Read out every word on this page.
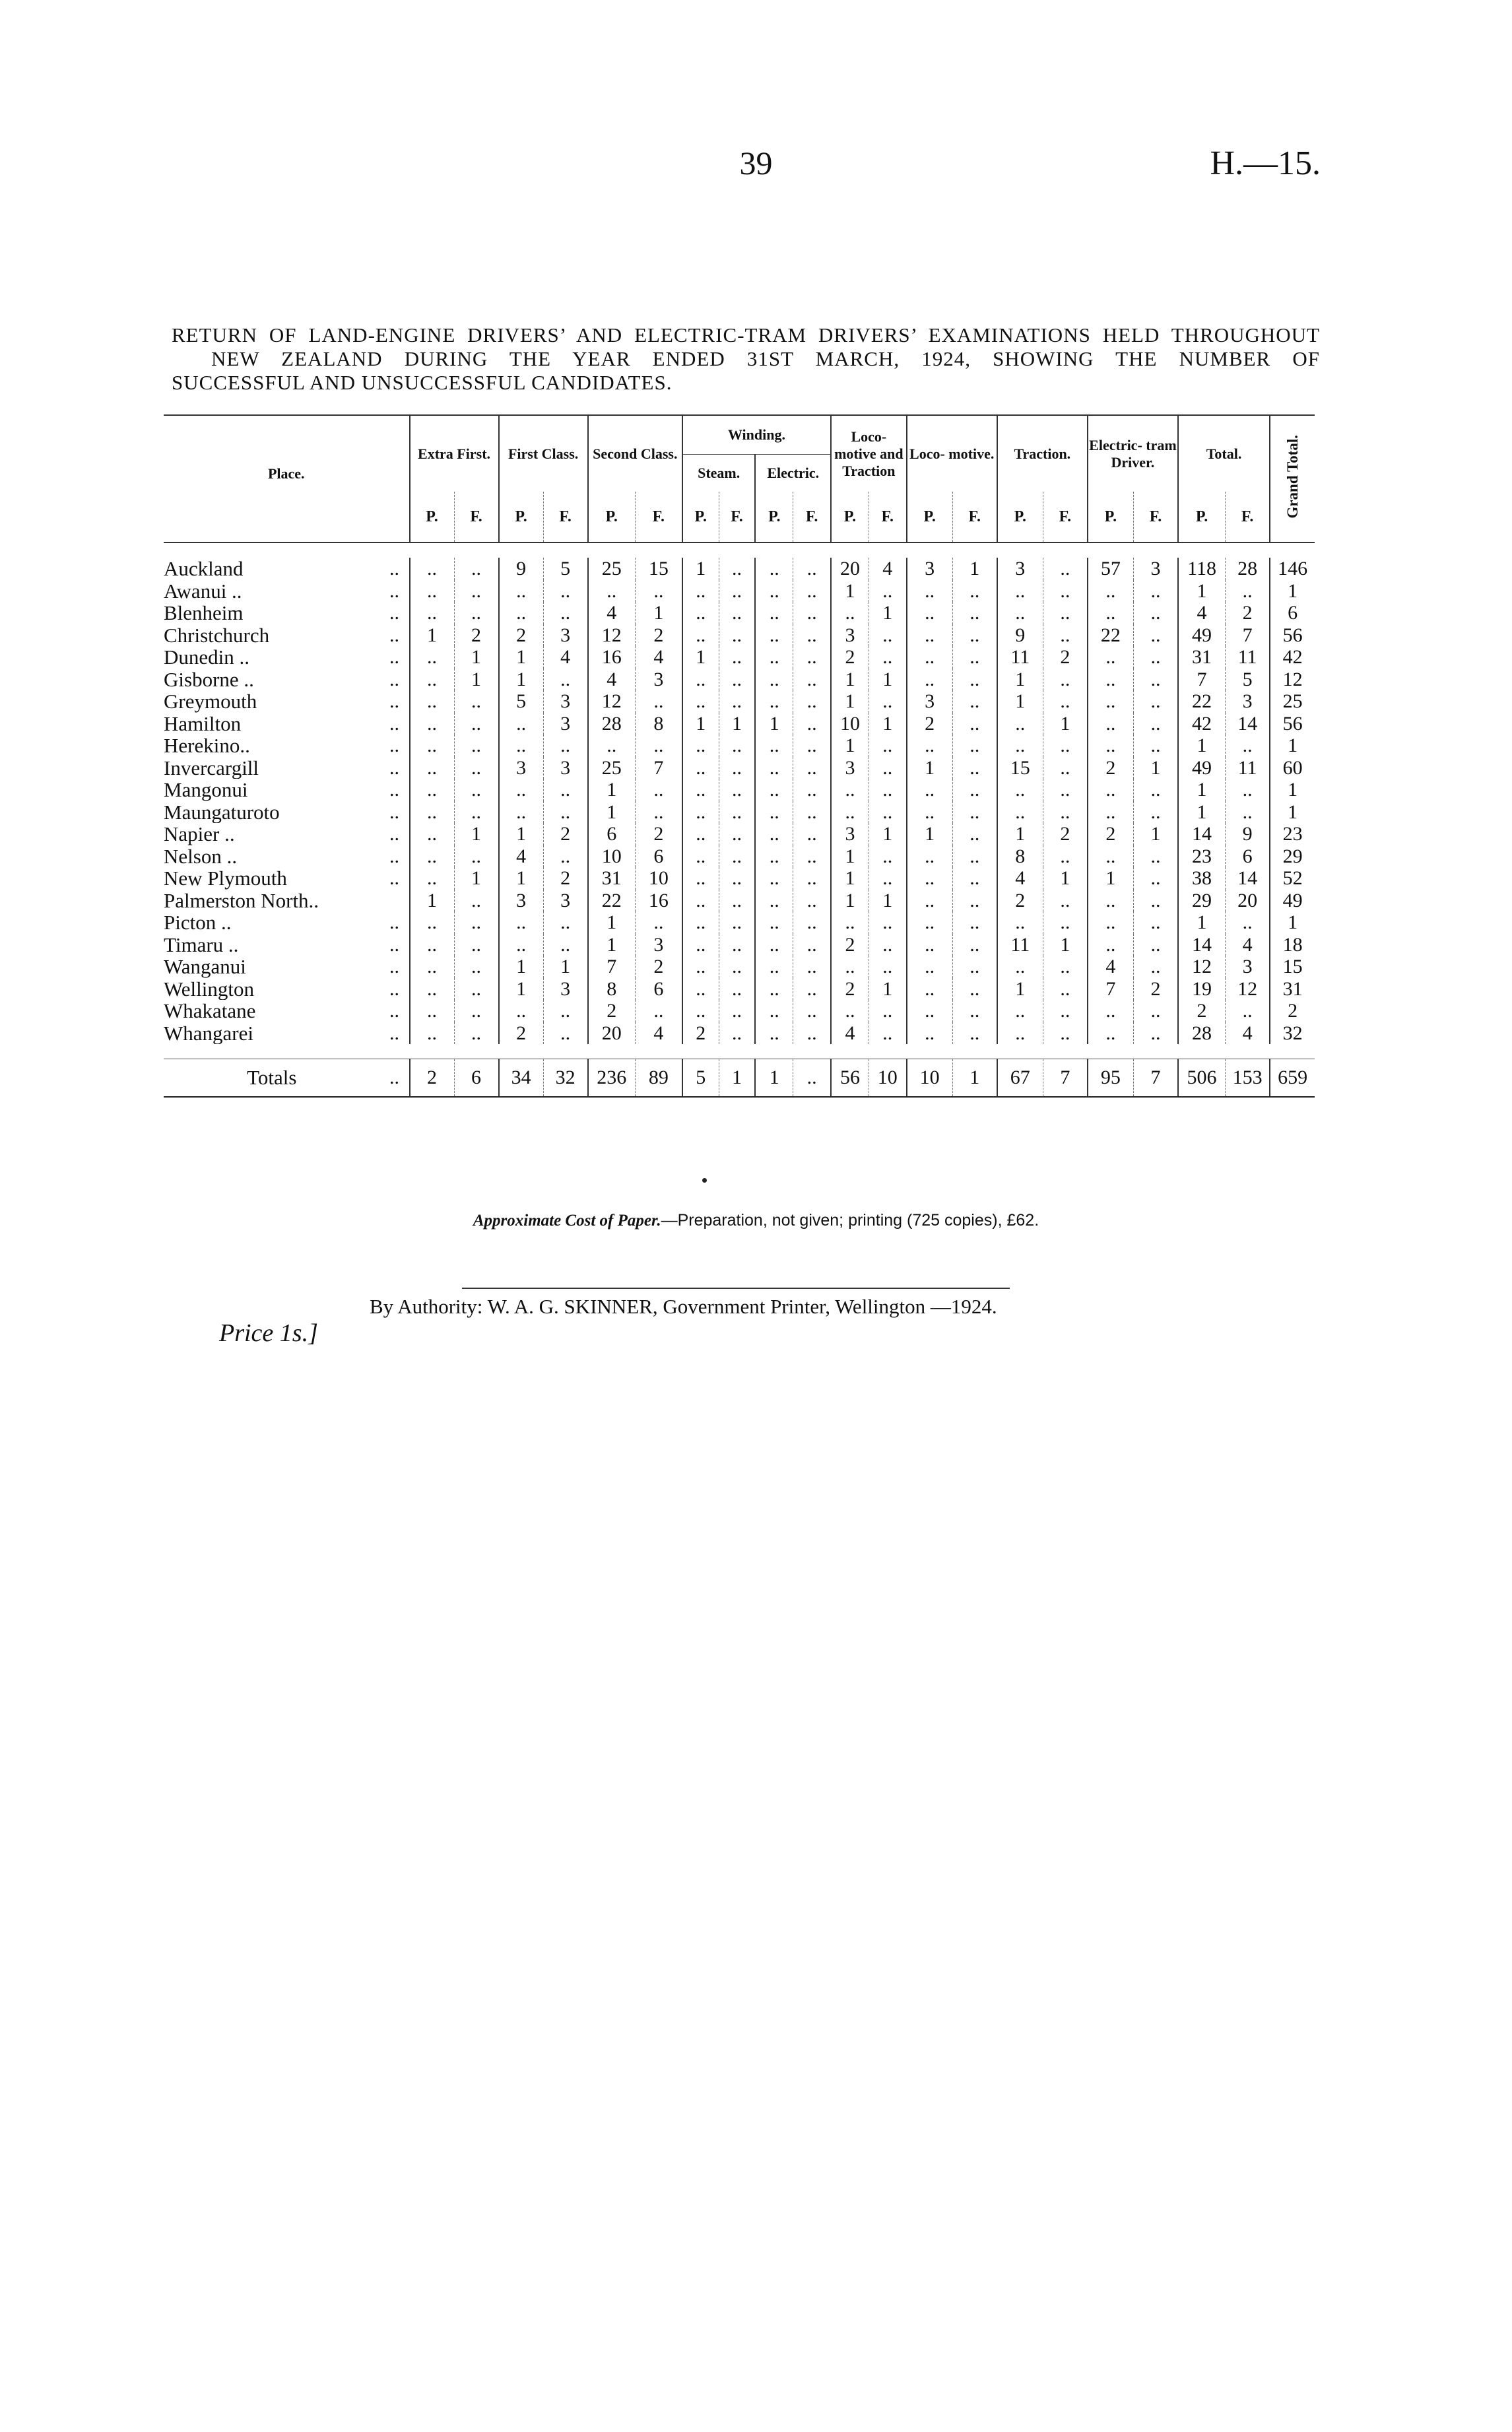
39	H.—15.
RETURN OF LAND-ENGINE DRIVERS’ AND ELECTRIC-TRAM DRIVERS’ EXAMINATIONS HELD THROUGHOUT
NEW ZEALAND DURING THE YEAR ENDED 31ST MARCH, 1924, SHOWING THE NUMBER OF
SUCCESSFUL AND UNSUCCESSFUL CANDIDATES.
Place.		Extra First.		First Class.		Second Class.		Winding.				Loco- motive and Traction		Loco- motive.		Traction.		Electric- tram Driver.		Total.		Grand Total.
								Steam.		Electric.												
		P.	F.	P.	F.	P.	F.	P.	F.	P.	F.	P.	F.	P.	F.	P.	F.	P.	F.	P.	F.	

Auckland	..	..	..	9	5	25	15	1	..	..	..	20	4	3	1	3	..	57	3	118	28	146
Awanui ..	..	..	..	..	..	..	..	..	..	..	..	1	..	..	..	..	..	..	..	1	..	1
Blenheim	..	..	..	..	..	4	1	..	..	..	..	..	1	..	..	..	..	..	..	4	2	6
Christchurch	..	1	2	2	3	12	2	..	..	..	..	3	..	..	..	9	..	22	..	49	7	56
Dunedin ..	..	..	1	1	4	16	4	1	..	..	..	2	..	..	..	11	2	..	..	31	11	42
Gisborne ..	..	..	1	1	..	4	3	..	..	..	..	1	1	..	..	1	..	..	..	7	5	12
Greymouth	..	..	..	5	3	12	..	..	..	..	..	1	..	3	..	1	..	..	..	22	3	25
Hamilton	..	..	..	..	3	28	8	1	1	1	..	10	1	2	..	..	1	..	..	42	14	56
Herekino..	..	..	..	..	..	..	..	..	..	..	..	1	..	..	..	..	..	..	..	1	..	1
Invercargill	..	..	..	3	3	25	7	..	..	..	..	3	..	1	..	15	..	2	1	49	11	60
Mangonui	..	..	..	..	..	1	..	..	..	..	..	..	..	..	..	..	..	..	..	1	..	1
Maungaturoto	..	..	..	..	..	1	..	..	..	..	..	..	..	..	..	..	..	..	..	1	..	1
Napier ..	..	..	1	1	2	6	2	..	..	..	..	3	1	1	..	1	2	2	1	14	9	23
Nelson ..	..	..	..	4	..	10	6	..	..	..	..	1	..	..	..	8	..	..	..	23	6	29
New Plymouth	..	..	1	1	2	31	10	..	..	..	..	1	..	..	..	4	1	1	..	38	14	52
Palmerston North..		1	..	3	3	22	16	..	..	..	..	1	1	..	..	2	..	..	..	29	20	49
Picton ..	..	..	..	..	..	1	..	..	..	..	..	..	..	..	..	..	..	..	..	1	..	1
Timaru ..	..	..	..	..	..	1	3	..	..	..	..	2	..	..	..	11	1	..	..	14	4	18
Wanganui	..	..	..	1	1	7	2	..	..	..	..	..	..	..	..	..	..	4	..	12	3	15
Wellington	..	..	..	1	3	8	6	..	..	..	..	2	1	..	..	1	..	7	2	19	12	31
Whakatane	..	..	..	..	..	2	..	..	..	..	..	..	..	..	..	..	..	..	..	2	..	2
Whangarei	..	..	..	2	..	20	4	2	..	..	..	4	..	..	..	..	..	..	..	28	4	32

Totals	..	2	6	34	32	236	89	5	1	1	..	56	10	10	1	67	7	95	7	506	153	659
Approximate Cost of Paper.—Preparation, not given; printing (725 copies), £62.
By Authority: W. A. G. SKINNER, Government Printer, Wellington —1924.
Price 1s.]
